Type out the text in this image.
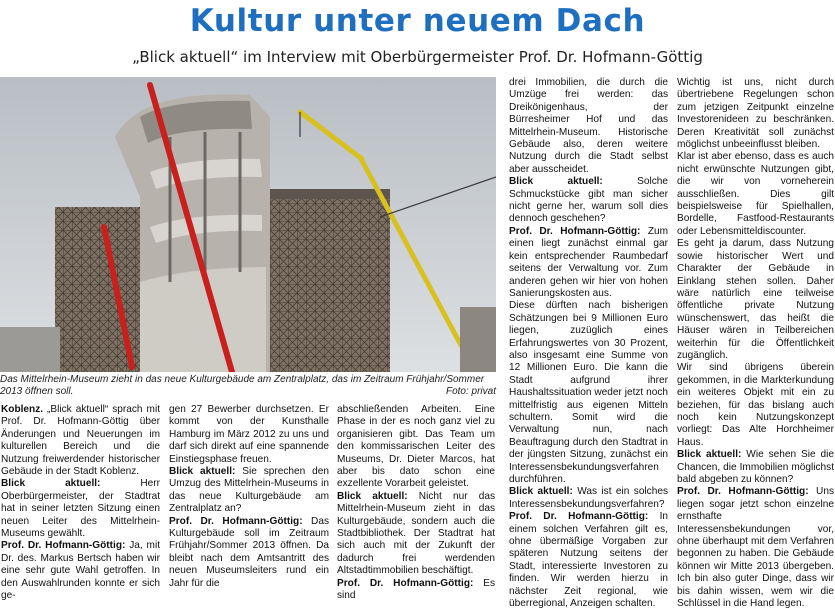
Kultur unter neuem Dach
„Blick aktuell“ im Interview mit Oberbürgermeister Prof. Dr. Hofmann-Göttig
Das Mittelrhein-Museum zieht in das neue Kulturgebäude am Zentralplatz, das im Zeitraum Frühjahr/Sommer 2013 öffnen soll.	Foto: privat

Koblenz. „Blick aktuell“ sprach mit Prof. Dr. Hofmann-Göttig über Änderungen und Neuerungen im kulturellen Bereich und die Nutzung freiwerdender historischer Gebäude in der Stadt Koblenz.

Blick aktuell: Herr Oberbürgermeister, der Stadtrat hat in seiner letzten Sitzung einen neuen Leiter des Mittelrhein-Museums gewählt.

Prof. Dr. Hofmann-Göttig: Ja, mit Dr. des. Markus Bertsch haben wir eine sehr gute Wahl getroffen. In den Auswahlrunden konnte er sich ge-

gen 27 Bewerber durchsetzen. Er kommt von der Kunsthalle Hamburg im März 2012 zu uns und darf sich direkt auf eine spannende Einstiegsphase freuen.

Blick aktuell: Sie sprechen den Umzug des Mittelrhein-Museums in das neue Kulturgebäude am Zentralplatz an?

Prof. Dr. Hofmann-Göttig: Das Kulturgebäude soll im Zeitraum Frühjahr/Sommer 2013 öffnen. Da bleibt nach dem Amtsantritt des neuen Museumsleiters rund ein Jahr für die

abschließenden Arbeiten. Eine Phase in der es noch ganz viel zu organisieren gibt. Das Team um den kommissarischen Leiter des Museums, Dr. Dieter Marcos, hat aber bis dato schon eine exzellente Vorarbeit geleistet.

Blick aktuell: Nicht nur das Mittelrhein-Museum zieht in das Kulturgebäude, sondern auch die Stadtbibliothek. Der Stadtrat hat sich auch mit der Zukunft der dadurch frei werdenden Altstadtimmobilien beschäftigt.

Prof. Dr. Hofmann-Göttig: Es sind

drei Immobilien, die durch die Umzüge frei werden: das Dreikönigenhaus, der Bürresheimer Hof und das Mittelrhein-Museum. Historische Gebäude also, deren weitere Nutzung durch die Stadt selbst aber ausscheidet.

Blick aktuell: Solche Schmuckstücke gibt man sicher nicht gerne her, warum soll dies dennoch geschehen?

Prof. Dr. Hofmann-Göttig: Zum einen liegt zunächst einmal gar kein entsprechender Raumbedarf seitens der Verwaltung vor. Zum anderen gehen wir hier von hohen Sanierungskosten aus.

Diese dürften nach bisherigen Schätzungen bei 9 Millionen Euro liegen, zuzüglich eines Erfahrungswertes von 30 Prozent, also insgesamt eine Summe von 12 Millionen Euro. Die kann die Stadt aufgrund ihrer Haushaltssituation weder jetzt noch mittelfristig aus eigenen Mitteln schultern. Somit wird die Verwaltung nun, nach Beauftragung durch den Stadtrat in der jüngsten Sitzung, zunächst ein Interessensbekundungsverfahren durchführen.

Blick aktuell: Was ist ein solches Interessensbekundungsverfahren?

Prof. Dr. Hofmann-Göttig: In einem solchen Verfahren gilt es, ohne übermäßige Vorgaben zur späteren Nutzung seitens der Stadt, interessierte Investoren zu finden. Wir werden hierzu in nächster Zeit regional, wie überregional, Anzeigen schalten.

Wichtig ist uns, nicht durch übertriebene Regelungen schon zum jetzigen Zeitpunkt einzelne Investorenideen zu beschränken. Deren Kreativität soll zunächst möglichst unbeeinflusst bleiben.

Klar ist aber ebenso, dass es auch nicht erwünschte Nutzungen gibt, die wir von vorneherein ausschließen. Dies gilt beispielsweise für Spielhallen, Bordelle, Fastfood-Restaurants oder Lebensmitteldiscounter.

Es geht ja darum, dass Nutzung sowie historischer Wert und Charakter der Gebäude in Einklang stehen sollen. Daher wäre natürlich eine teilweise öffentliche private Nutzung wünschenswert, das heißt die Häuser wären in Teilbereichen weiterhin für die Öffentlichkeit zugänglich.

Wir sind übrigens überein gekommen, in die Markterkundung ein weiteres Objekt mit ein zu beziehen, für das bislang auch noch kein Nutzungskonzept vorliegt: Das Alte Horchheimer Haus.

Blick aktuell: Wie sehen Sie die Chancen, die Immobilien möglichst bald abgeben zu können?

Prof. Dr. Hofmann-Göttig: Uns liegen sogar jetzt schon einzelne ernsthafte Interessensbekundungen vor, ohne überhaupt mit dem Verfahren begonnen zu haben. Die Gebäude können wir Mitte 2013 übergeben. Ich bin also guter Dinge, dass wir bis dahin wissen, wem wir die Schlüssel in die Hand legen.
